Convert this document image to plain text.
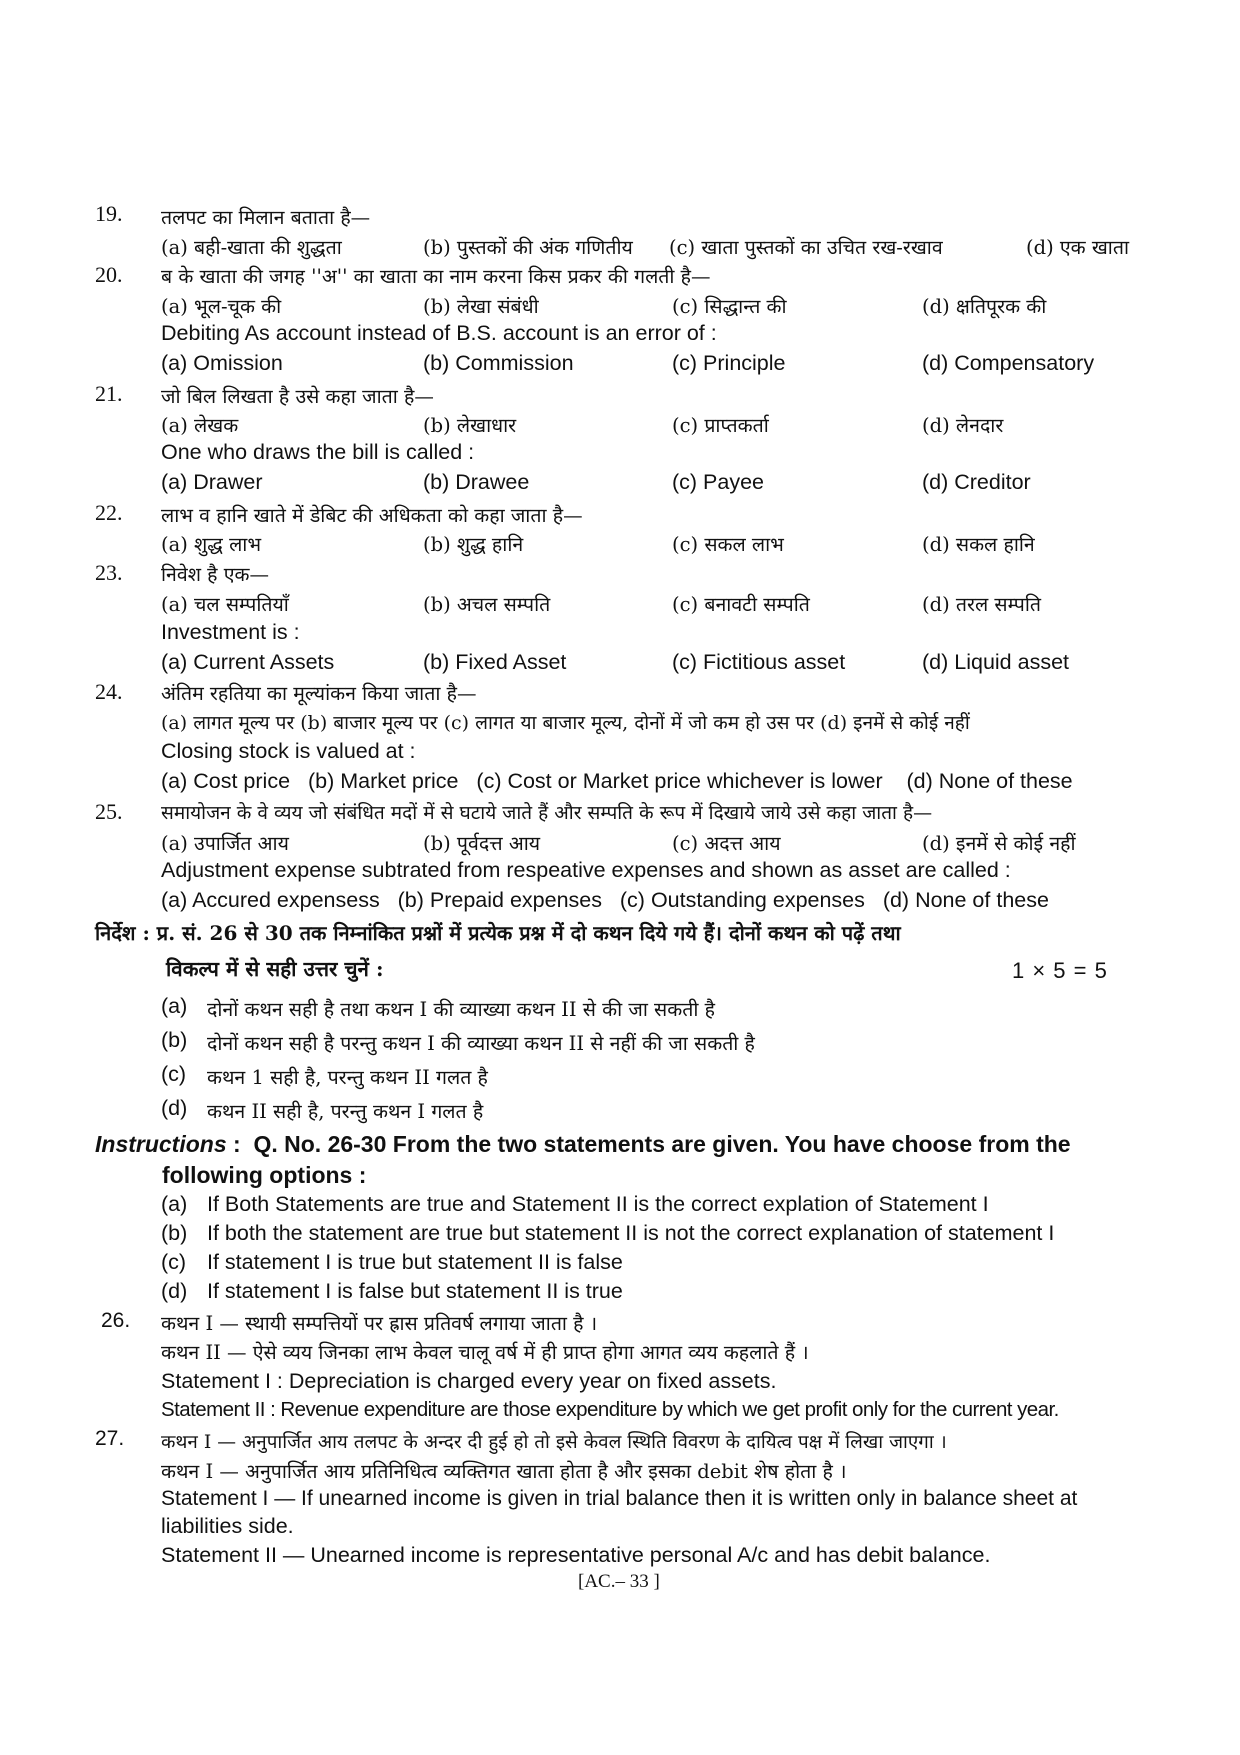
19. तलपट का मिलान बताता है—
(a) बही-खाता की शुद्धता	(b) पुस्तकों की अंक गणितीय (c) खाता पुस्तकों का उचित रख-रखाव	(d) एक खाता
20. ब के खाता की जगह ''अ'' का खाता का नाम करना किस प्रकर की गलती है—
(a) भूल-चूक की	(b) लेखा संबंधी	(c) सिद्धान्त की	(d) क्षतिपूरक की
Debiting As account instead of B.S. account is an error of :
(a) Omission	(b) Commission	(c) Principle	(d) Compensatory
21. जो बिल लिखता है उसे कहा जाता है—
(a) लेखक	(b) लेखाधार	(c) प्राप्तकर्ता	(d) लेनदार
One who draws the bill is called :
(a) Drawer	(b) Drawee	(c) Payee	(d) Creditor
22. लाभ व हानि खाते में डेबिट की अधिकता को कहा जाता है—
(a) शुद्ध लाभ	(b) शुद्ध हानि	(c) सकल लाभ	(d) सकल हानि
23. निवेश है एक—
(a) चल सम्पतियाँ	(b) अचल सम्पति	(c) बनावटी सम्पति	(d) तरल सम्पति
Investment is :
(a) Current Assets	(b) Fixed Asset	(c) Fictitious asset	(d) Liquid asset
24. अंतिम रहतिया का मूल्यांकन किया जाता है—
(a) लागत मूल्य पर (b) बाजार मूल्य पर (c) लागत या बाजार मूल्य, दोनों में जो कम हो उस पर (d) इनमें से कोई नहीं
Closing stock is valued at :
(a) Cost price   (b) Market price   (c) Cost or Market price whichever is lower    (d) None of these
25. समायोजन के वे व्यय जो संबंधित मदों में से घटाये जाते हैं और सम्पति के रूप में दिखाये जाये उसे कहा जाता है—
(a) उपार्जित आय	(b) पूर्वदत्त आय	(c) अदत्त आय	(d) इनमें से कोई नहीं
Adjustment expense subtrated from respeative expenses and shown as asset are called :
(a) Accured expensess   (b) Prepaid expenses   (c) Outstanding expenses   (d) None of these
निर्देश : प्र. सं. 26 से 30 तक निम्नांकित प्रश्नों में प्रत्येक प्रश्न में दो कथन दिये गये हैं। दोनों कथन को पढ़ें तथा
विकल्प में से सही उत्तर चुनें :	1 × 5 = 5
(a) दोनों कथन सही है तथा कथन I की व्याख्या कथन II से की जा सकती है
(b) दोनों कथन सही है परन्तु कथन I की व्याख्या कथन II से नहीं की जा सकती है
(c) कथन 1 सही है, परन्तु कथन II गलत है
(d) कथन II सही है, परन्तु कथन I गलत है
Instructions :  Q. No. 26-30 From the two statements are given. You have choose from the
following options :
(a) If Both Statements are true and Statement II is the correct explation of Statement I
(b) If both the statement are true but statement II is not the correct explanation of statement I
(c) If statement I is true but statement II is false
(d) If statement I is false but statement II is true
26. कथन I — स्थायी सम्पत्तियों पर ह्रास प्रतिवर्ष लगाया जाता है ।
कथन II — ऐसे व्यय जिनका लाभ केवल चालू वर्ष में ही प्राप्त होगा आगत व्यय कहलाते हैं ।
Statement I : Depreciation is charged every year on fixed assets.
Statement II : Revenue expenditure are those expenditure by which we get profit only for the current year.
27. कथन I — अनुपार्जित आय तलपट के अन्दर दी हुई हो तो इसे केवल स्थिति विवरण के दायित्व पक्ष में लिखा जाएगा ।
कथन I — अनुपार्जित आय प्रतिनिधित्व व्यक्तिगत खाता होता है और इसका debit शेष होता है ।
Statement I — If unearned income is given in trial balance then it is written only in balance sheet at
liabilities side.
Statement II — Unearned income is representative personal A/c and has debit balance.
[AC.– 33 ]
